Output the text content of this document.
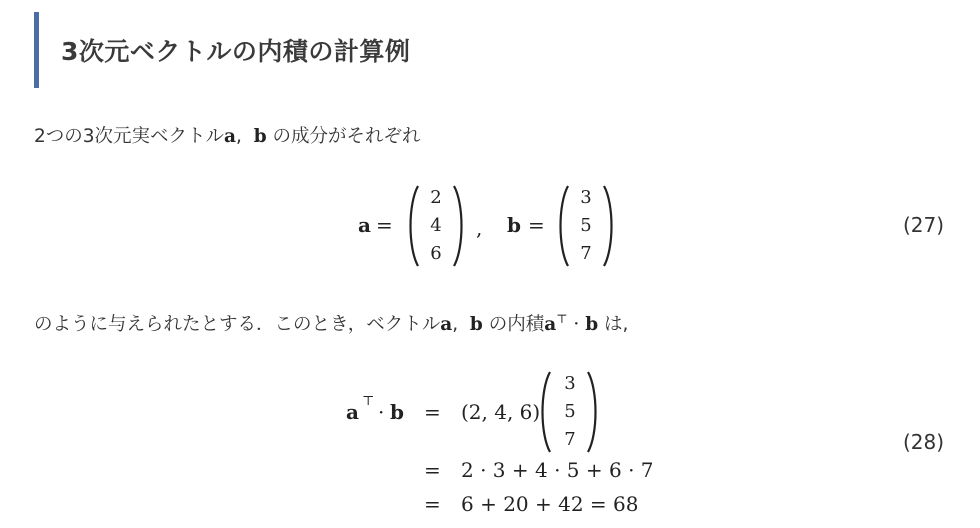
3次元ベクトルの内積の計算例
2つの3次元実ベクトルa, b の成分がそれぞれ
a =
2
4
6
, b =
3
5
7
(27)
のように与えられたとする．このとき，ベクトルa, b の内積a⊤ · b は,
a ⊤ · b = (2, 4, 6)
3
5
7
= 2 · 3 + 4 · 5 + 6 · 7
= 6 + 20 + 42 = 68
(28)
